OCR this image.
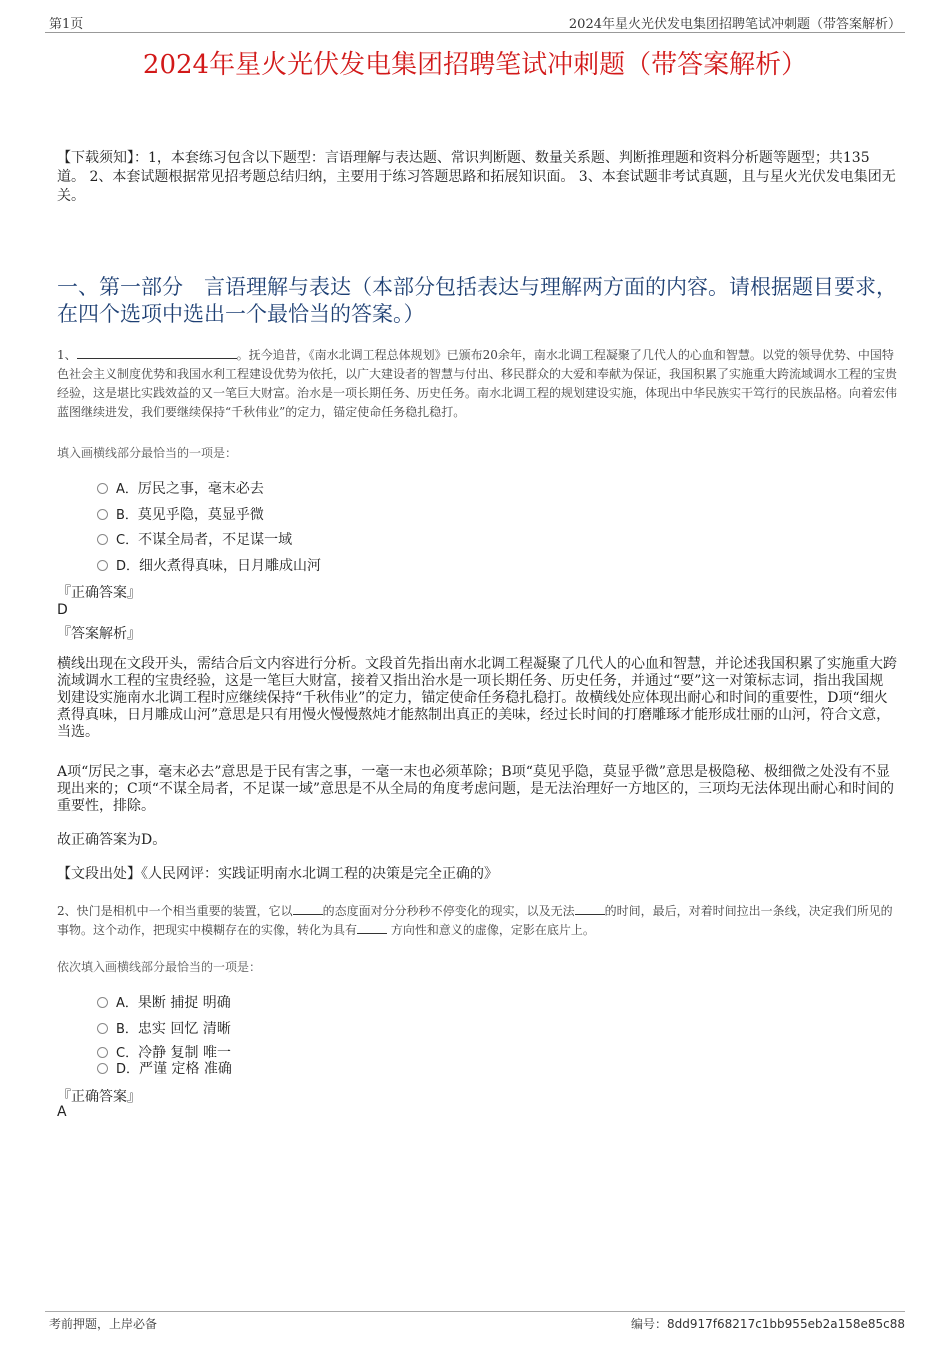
第1页	2024年星火光伏发电集团招聘笔试冲刺题（带答案解析）
2024年星火光伏发电集团招聘笔试冲刺题（带答案解析）
【下载须知】：1，本套练习包含以下题型：言语理解与表达题、常识判断题、数量关系题、判断推理题和资料分析题等题型；共135道。 2、本套试题根据常见招考题总结归纳，主要用于练习答题思路和拓展知识面。 3、本套试题非考试真题，且与星火光伏发电集团无关。
一、第一部分　言语理解与表达（本部分包括表达与理解两方面的内容。请根据题目要求，在四个选项中选出一个最恰当的答案。）
1、	。抚今追昔，《南水北调工程总体规划》已颁布20余年，南水北调工程凝聚了几代人的心血和智慧。以党的领导优势、中国特色社会主义制度优势和我国水利工程建设优势为依托，以广大建设者的智慧与付出、移民群众的大爱和奉献为保证，我国积累了实施重大跨流域调水工程的宝贵经验，这是堪比实践效益的又一笔巨大财富。治水是一项长期任务、历史任务。南水北调工程的规划建设实施，体现出中华民族实干笃行的民族品格。向着宏伟蓝图继续进发，我们要继续保持“千秋伟业”的定力，锚定使命任务稳扎稳打。
填入画横线部分最恰当的一项是：
A．厉民之事，毫末必去
B．莫见乎隐，莫显乎微
C．不谋全局者，不足谋一域
D．细火煮得真味，日月雕成山河
『正确答案』
D
『答案解析』
横线出现在文段开头，需结合后文内容进行分析。文段首先指出南水北调工程凝聚了几代人的心血和智慧，并论述我国积累了实施重大跨流域调水工程的宝贵经验，这是一笔巨大财富，接着又指出治水是一项长期任务、历史任务，并通过“要”这一对策标志词，指出我国规划建设实施南水北调工程时应继续保持“千秋伟业”的定力，锚定使命任务稳扎稳打。故横线处应体现出耐心和时间的重要性，D项“细火煮得真味，日月雕成山河”意思是只有用慢火慢慢熬炖才能熬制出真正的美味，经过长时间的打磨雕琢才能形成壮丽的山河，符合文意，当选。
A项“厉民之事，毫末必去”意思是于民有害之事，一毫一末也必须革除；B项“莫见乎隐，莫显乎微”意思是极隐秘、极细微之处没有不显现出来的；C项“不谋全局者，不足谋一域”意思是不从全局的角度考虑问题，是无法治理好一方地区的，三项均无法体现出耐心和时间的重要性，排除。
故正确答案为D。
【文段出处】《人民网评：实践证明南水北调工程的决策是完全正确的》
2、快门是相机中一个相当重要的装置，它以	的态度面对分分秒秒不停变化的现实，以及无法	的时间，最后，对着时间拉出一条线，决定我们所见的事物。这个动作，把现实中模糊存在的实像，转化为具有	方向性和意义的虚像，定影在底片上。
依次填入画横线部分最恰当的一项是：
A．果断 捕捉 明确
B．忠实 回忆 清晰
C．冷静 复制 唯一
D．严谨 定格 准确
『正确答案』
A
考前押题，上岸必备	编号：8dd917f68217c1bb955eb2a158e85c88
